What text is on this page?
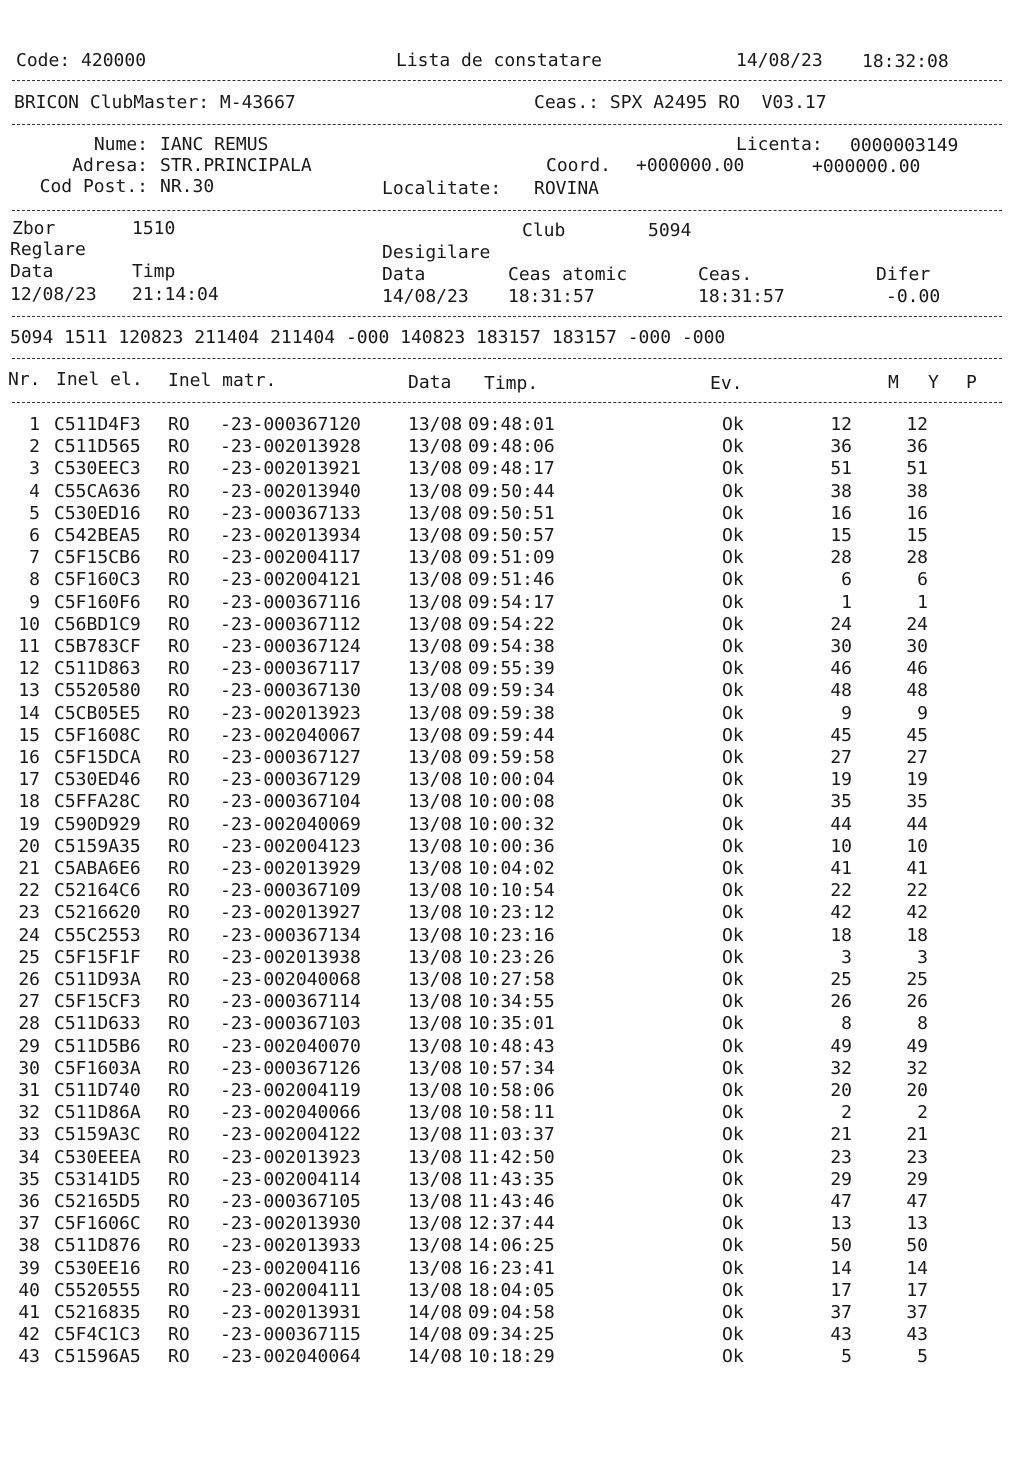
Code: 420000	Lista de constatare	14/08/23 18:32:08
BRICON ClubMaster: M-43667	Ceas.: SPX A2495 RO  V03.17
Nume: IANC REMUS	Licenta: 0000003149
Adresa: STR.PRINCIPALA	Coord. +000000.00	+000000.00
Cod Post.: NR.30	Localitate: ROVINA
Zbor	1510	Club	5094
Reglare	Desigilare
Data	Timp	Data	Ceas atomic	Ceas.	Difer
12/08/23 21:14:04	14/08/23 18:31:57	18:31:57	-0.00
5094 1511 120823 211404 211404 -000 140823 183157 183157 -000 -000
Nr. Inel el. Inel matr.	Data Timp.	Ev.	M Y P
1 C511D4F3 RO -23-000367120	13/08 09:48:01	Ok	12	12
2 C511D565 RO -23-002013928	13/08 09:48:06	Ok	36	36
3 C530EEC3 RO -23-002013921	13/08 09:48:17	Ok	51	51
4 C55CA636 RO -23-002013940	13/08 09:50:44	Ok	38	38
5 C530ED16 RO -23-000367133	13/08 09:50:51	Ok	16	16
6 C542BEA5 RO -23-002013934	13/08 09:50:57	Ok	15	15
7 C5F15CB6 RO -23-002004117	13/08 09:51:09	Ok	28	28
8 C5F160C3 RO -23-002004121	13/08 09:51:46	Ok	6	6
9 C5F160F6 RO -23-000367116	13/08 09:54:17	Ok	1	1
10 C56BD1C9 RO -23-000367112	13/08 09:54:22	Ok	24	24
11 C5B783CF RO -23-000367124	13/08 09:54:38	Ok	30	30
12 C511D863 RO -23-000367117	13/08 09:55:39	Ok	46	46
13 C5520580 RO -23-000367130	13/08 09:59:34	Ok	48	48
14 C5CB05E5 RO -23-002013923	13/08 09:59:38	Ok	9	9
15 C5F1608C RO -23-002040067	13/08 09:59:44	Ok	45	45
16 C5F15DCA RO -23-000367127	13/08 09:59:58	Ok	27	27
17 C530ED46 RO -23-000367129	13/08 10:00:04	Ok	19	19
18 C5FFA28C RO -23-000367104	13/08 10:00:08	Ok	35	35
19 C590D929 RO -23-002040069	13/08 10:00:32	Ok	44	44
20 C5159A35 RO -23-002004123	13/08 10:00:36	Ok	10	10
21 C5ABA6E6 RO -23-002013929	13/08 10:04:02	Ok	41	41
22 C52164C6 RO -23-000367109	13/08 10:10:54	Ok	22	22
23 C5216620 RO -23-002013927	13/08 10:23:12	Ok	42	42
24 C55C2553 RO -23-000367134	13/08 10:23:16	Ok	18	18
25 C5F15F1F RO -23-002013938	13/08 10:23:26	Ok	3	3
26 C511D93A RO -23-002040068	13/08 10:27:58	Ok	25	25
27 C5F15CF3 RO -23-000367114	13/08 10:34:55	Ok	26	26
28 C511D633 RO -23-000367103	13/08 10:35:01	Ok	8	8
29 C511D5B6 RO -23-002040070	13/08 10:48:43	Ok	49	49
30 C5F1603A RO -23-000367126	13/08 10:57:34	Ok	32	32
31 C511D740 RO -23-002004119	13/08 10:58:06	Ok	20	20
32 C511D86A RO -23-002040066	13/08 10:58:11	Ok	2	2
33 C5159A3C RO -23-002004122	13/08 11:03:37	Ok	21	21
34 C530EEEA RO -23-002013923	13/08 11:42:50	Ok	23	23
35 C53141D5 RO -23-002004114	13/08 11:43:35	Ok	29	29
36 C52165D5 RO -23-000367105	13/08 11:43:46	Ok	47	47
37 C5F1606C RO -23-002013930	13/08 12:37:44	Ok	13	13
38 C511D876 RO -23-002013933	13/08 14:06:25	Ok	50	50
39 C530EE16 RO -23-002004116	13/08 16:23:41	Ok	14	14
40 C5520555 RO -23-002004111	13/08 18:04:05	Ok	17	17
41 C5216835 RO -23-002013931	14/08 09:04:58	Ok	37	37
42 C5F4C1C3 RO -23-000367115	14/08 09:34:25	Ok	43	43
43 C51596A5 RO -23-002040064	14/08 10:18:29	Ok	5	5
